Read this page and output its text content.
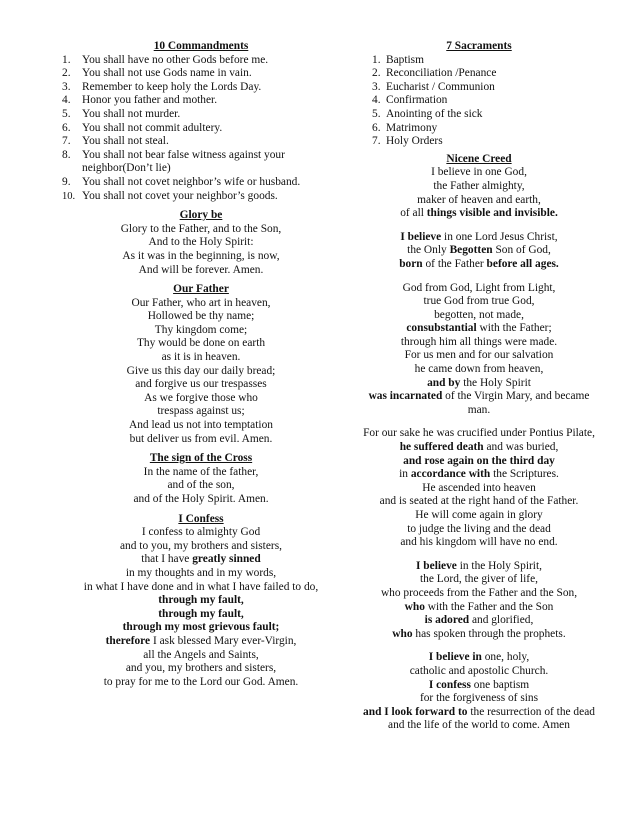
10 Commandments

1. You shall have no other Gods before me.
2. You shall not use Gods name in vain.
3. Remember to keep holy the Lords Day.
4. Honor you father and mother.
5. You shall not murder.
6. You shall not commit adultery.
7. You shall not steal.
8. You shall not bear false witness against your
neighbor(Don’t lie)
9. You shall not covet neighbor’s wife or husband.
10. You shall not covet your neighbor’s goods.

Glory be

Glory to the Father, and to the Son,
And to the Holy Spirit:
As it was in the beginning, is now,
And will be forever. Amen.

Our Father

Our Father, who art in heaven,
Hollowed be thy name;
Thy kingdom come;
Thy would be done on earth
as it is in heaven.
Give us this day our daily bread;
and forgive us our trespasses
As we forgive those who
trespass against us;
And lead us not into temptation
but deliver us from evil. Amen.

The sign of the Cross

In the name of the father,
and of the son,
and of the Holy Spirit. Amen.

I Confess

I confess to almighty God
and to you, my brothers and sisters,
that I have greatly sinned
in my thoughts and in my words,
in what I have done and in what I have failed to do,
through my fault,
through my fault,
through my most grievous fault;
therefore I ask blessed Mary ever-Virgin,
all the Angels and Saints,
and you, my brothers and sisters,
to pray for me to the Lord our God. Amen.

7 Sacraments

1. Baptism
2. Reconciliation /Penance
3. Eucharist / Communion
4. Confirmation
5. Anointing of the sick
6. Matrimony
7. Holy Orders

Nicene Creed

I believe in one God,
the Father almighty,
maker of heaven and earth,
of all things visible and invisible.
I believe in one Lord Jesus Christ,
the Only Begotten Son of God,
born of the Father before all ages.
God from God, Light from Light,
true God from true God,
begotten, not made,
consubstantial with the Father;
through him all things were made.
For us men and for our salvation
he came down from heaven,
and by the Holy Spirit
was incarnated of the Virgin Mary, and became
man.
For our sake he was crucified under Pontius Pilate,
he suffered death and was buried,
and rose again on the third day
in accordance with the Scriptures.
He ascended into heaven
and is seated at the right hand of the Father.
He will come again in glory
to judge the living and the dead
and his kingdom will have no end.
I believe in the Holy Spirit,
the Lord, the giver of life,
who proceeds from the Father and the Son,
who with the Father and the Son
is adored and glorified,
who has spoken through the prophets.
I believe in one, holy,
catholic and apostolic Church.
I confess one baptism
for the forgiveness of sins
and I look forward to the resurrection of the dead
and the life of the world to come. Amen
